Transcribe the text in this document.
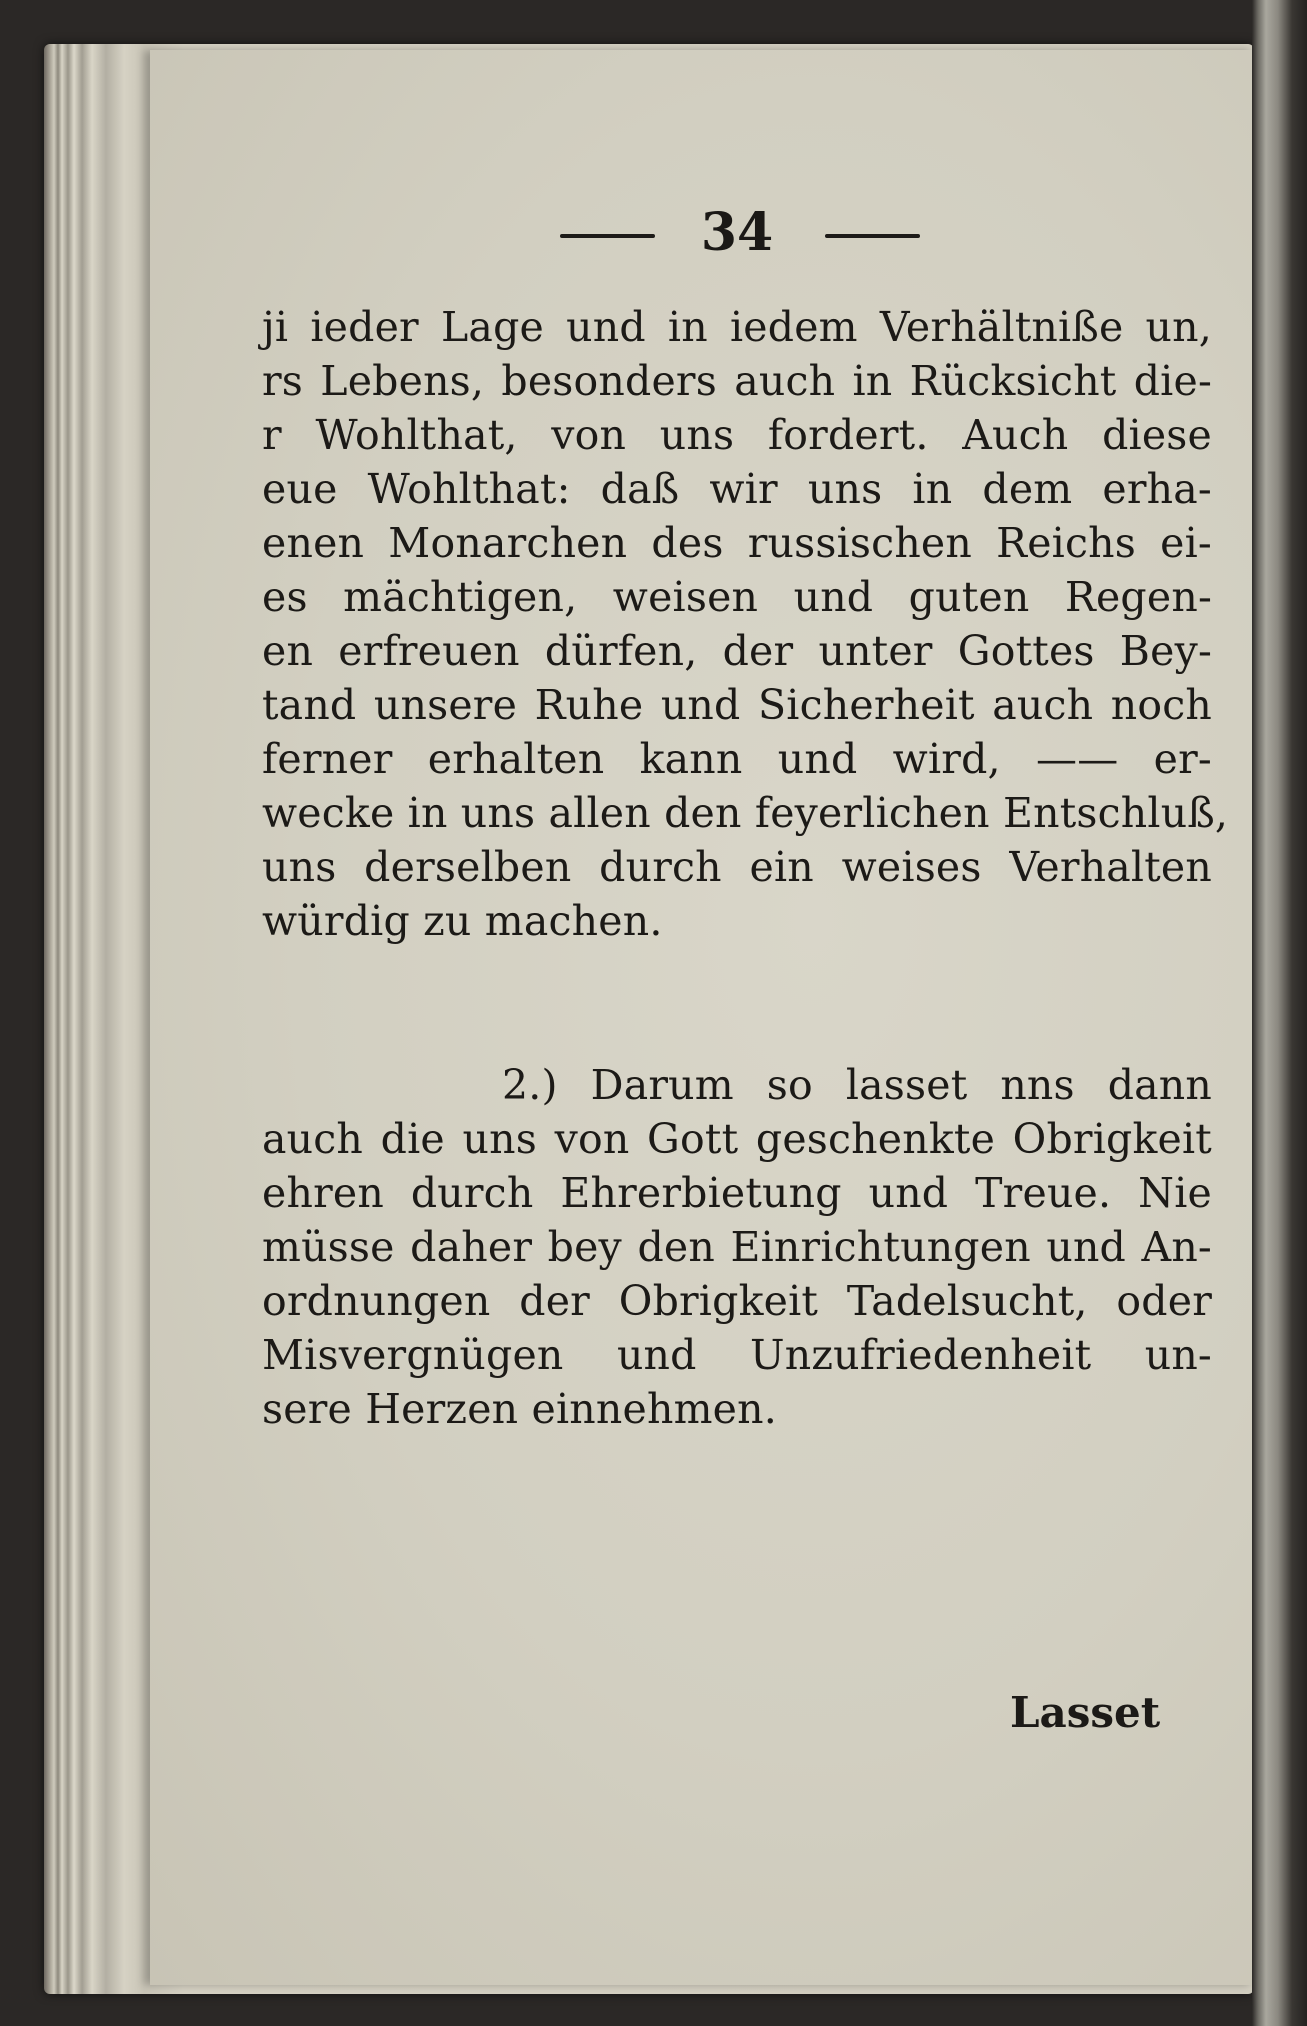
34
ji ieder Lage und in iedem Verhältniße un,
rs Lebens, besonders auch in Rücksicht die-
r Wohlthat, von uns fordert. Auch diese
eue Wohlthat: daß wir uns in dem erha-
enen Monarchen des russischen Reichs ei-
es mächtigen, weisen und guten Regen-
en erfreuen dürfen, der unter Gottes Bey-
tand unsere Ruhe und Sicherheit auch noch
ferner erhalten kann und wird, —— er-
wecke in uns allen den feyerlichen Entschluß,
uns derselben durch ein weises Verhalten
würdig zu machen.
2.) Darum so lasset nns dann
auch die uns von Gott geschenkte Obrigkeit
ehren durch Ehrerbietung und Treue. Nie
müsse daher bey den Einrichtungen und An-
ordnungen der Obrigkeit Tadelsucht, oder
Misvergnügen und Unzufriedenheit un-
sere Herzen einnehmen.
Lasset
